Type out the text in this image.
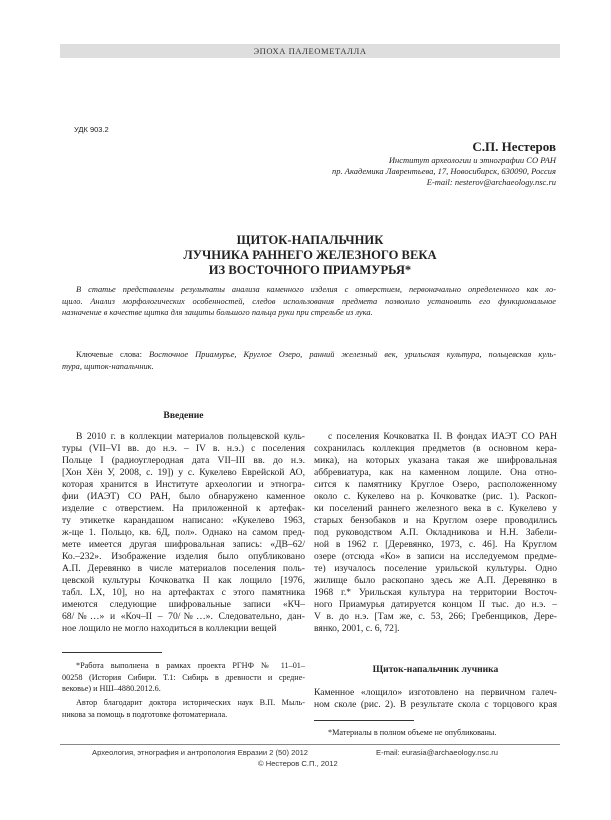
ЭПОХА ПАЛЕОМЕТАЛЛА
УДК 903.2
С.П. Нестеров
Институт археологии и этнографии СО РАН
пр. Академика Лаврентьева, 17, Новосибирск, 630090, Россия
E-mail: nesterov@archaeology.nsc.ru
ЩИТОК-НАПАЛЬЧНИК
ЛУЧНИКА РАННЕГО ЖЕЛЕЗНОГО ВЕКА
ИЗ ВОСТОЧНОГО ПРИАМУРЬЯ*
В статье представлены результаты анализа каменного изделия с отверстием, первоначально определенного как ло-
щило. Анализ морфологических особенностей, следов использования предмета позволило установить его функциональное
назначение в качестве щитка для защиты большого пальца руки при стрельбе из лука.
Ключевые слова: Восточное Приамурье, Круглое Озеро, ранний железный век, урильская культура, польцевская куль-
тура, щиток-напальчник.
Введение
В 2010 г. в коллекции материалов польцевской куль-
туры (VII–VI вв. до н.э. – IV в. н.э.) с поселения
Польце I (радиоуглеродная дата VII–III вв. до н.э.
[Хон Хён У, 2008, с. 19]) у с. Кукелево Еврейской АО,
которая хранится в Институте археологии и этногра-
фии (ИАЭТ) СО РАН, было обнаружено каменное
изделие с отверстием. На приложенной к артефак-
ту этикетке карандашом написано: «Кукелево 1963,
ж-ще 1. Польцо, кв. 6Д, пол». Однако на самом пред-
мете имеется другая шифровальная запись: «ДВ–62/
Ко.–232». Изображение изделия было опубликовано
А.П. Деревянко в числе материалов поселения поль-
цевской культуры Кочковатка II как лощило [1976,
табл. LX, 10], но на артефактах с этого памятника
имеются следующие шифровальные записи «КЧ–
68/№…» и «Коч–II – 70/№…». Следовательно, дан-
ное лощило не могло находиться в коллекции вещей
*Работа выполнена в рамках проекта РГНФ № 11–01–
00258 (История Сибири. Т.1: Сибирь в древности и средне-
вековье) и НШ–4880.2012.6.
Автор благодарит доктора исторических наук В.П. Мыль-
никова за помощь в подготовке фотоматериала.
с поселения Кочковатка II. В фондах ИАЭТ СО РАН
сохранилась коллекция предметов (в основном кера-
мика), на которых указана такая же шифровальная
аббревиатура, как на каменном лощиле. Она отно-
сится к памятнику Круглое Озеро, расположенному
около с. Кукелево на р. Кочковатке (рис. 1). Раскоп-
ки поселений раннего железного века в с. Кукелево у
старых бензобаков и на Круглом озере проводились
под руководством А.П. Окладникова и Н.Н. Забели-
ной в 1962 г. [Деревянко, 1973, с. 46]. На Круглом
озере (отсюда «Ко» в записи на исследуемом предме-
те) изучалось поселение урильской культуры. Одно
жилище было раскопано здесь же А.П. Деревянко в
1968 г.* Урильская культура на территории Восточ-
ного Приамурья датируется концом II тыс. до н.э. –
V в. до н.э. [Там же, с. 53, 266; Гребенщиков, Дере-
вянко, 2001, с. 6, 72].
Щиток-напальчник лучника
Каменное «лощило» изготовлено на первичном галеч-
ном сколе (рис. 2). В результате скола с торцового края
*Материалы в полном объеме не опубликованы.
Археология, этнография и антропология Евразии 2 (50) 2012	E-mail: eurasia@archaeology.nsc.ru
© Нестеров С.П., 2012
